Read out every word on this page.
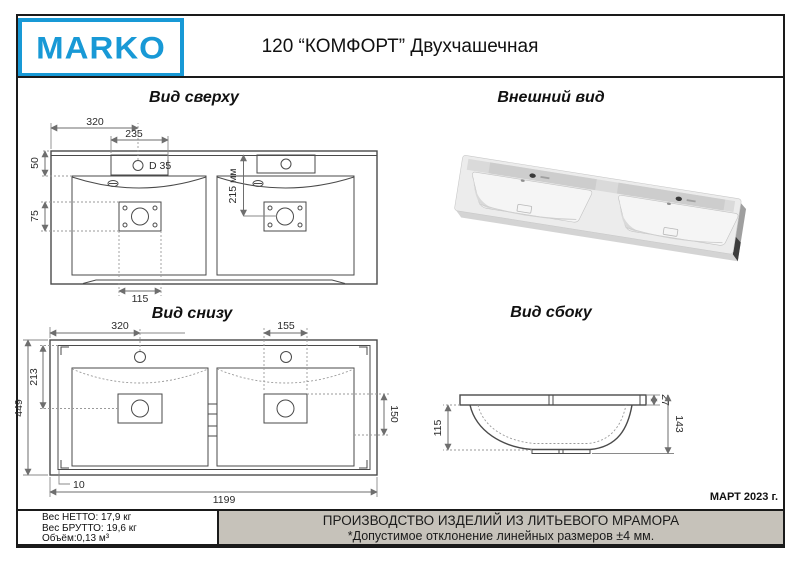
MARKO	120 “КОМФОРТ” Двухчашечная
Вид сверху	Внешний вид
Вид снизу	Вид сбоку
320
235
50
75
115
215 мм
D 35
320	155
213
449	150
10
1199
115
27
143
МАРТ 2023 г.
Вес НЕТТО: 17,9 кг
Вес БРУТТО: 19,6 кг
Объём:0,13 м³
ПРОИЗВОДСТВО ИЗДЕЛИЙ ИЗ ЛИТЬЕВОГО МРАМОРА
*Допустимое отклонение линейных размеров ±4 мм.
